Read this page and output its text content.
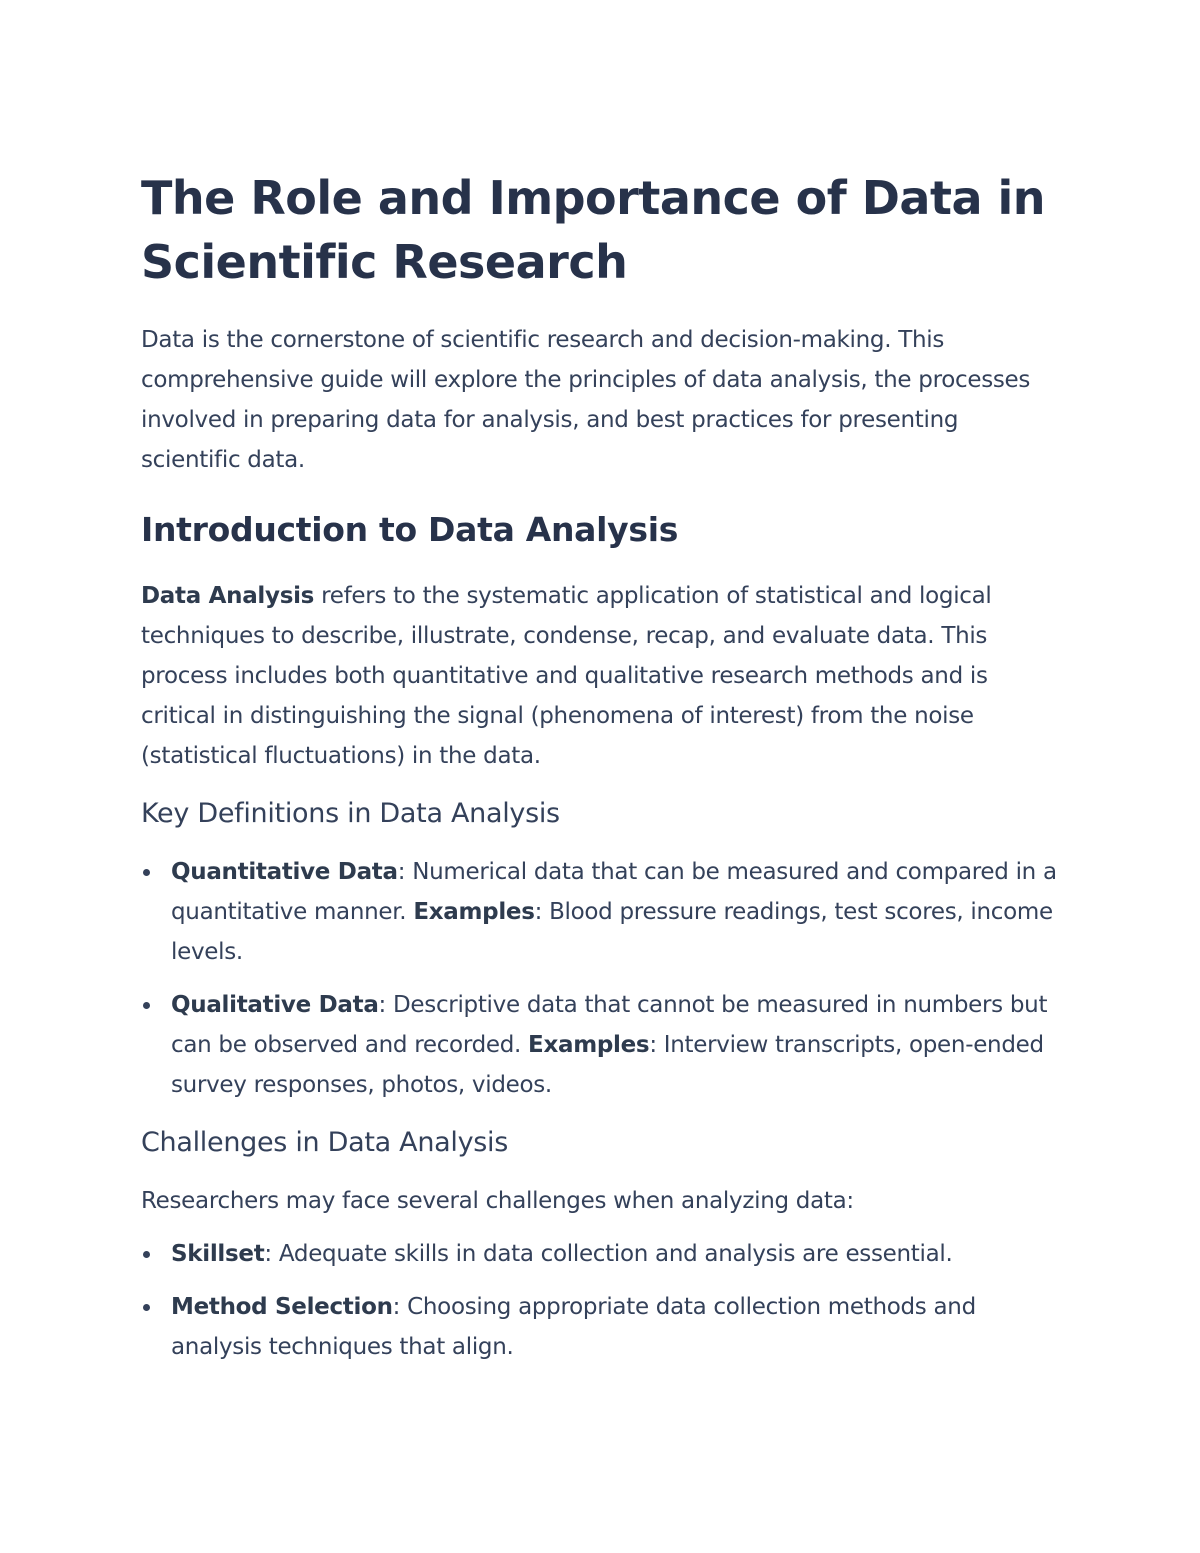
The Role and Importance of Data in Scientific Research

Data is the cornerstone of scientific research and decision-making. This comprehensive guide will explore the principles of data analysis, the processes involved in preparing data for analysis, and best practices for presenting scientific data.

Introduction to Data Analysis

Data Analysis refers to the systematic application of statistical and logical techniques to describe, illustrate, condense, recap, and evaluate data. This process includes both quantitative and qualitative research methods and is critical in distinguishing the signal (phenomena of interest) from the noise (statistical fluctuations) in the data.

Key Definitions in Data Analysis
Quantitative Data: Numerical data that can be measured and compared in a quantitative manner. Examples: Blood pressure readings, test scores, income levels.
Qualitative Data: Descriptive data that cannot be measured in numbers but can be observed and recorded. Examples: Interview transcripts, open-ended survey responses, photos, videos.
Challenges in Data Analysis

Researchers may face several challenges when analyzing data:

Skillset: Adequate skills in data collection and analysis are essential.
Method Selection: Choosing appropriate data collection methods and analysis techniques that align.
